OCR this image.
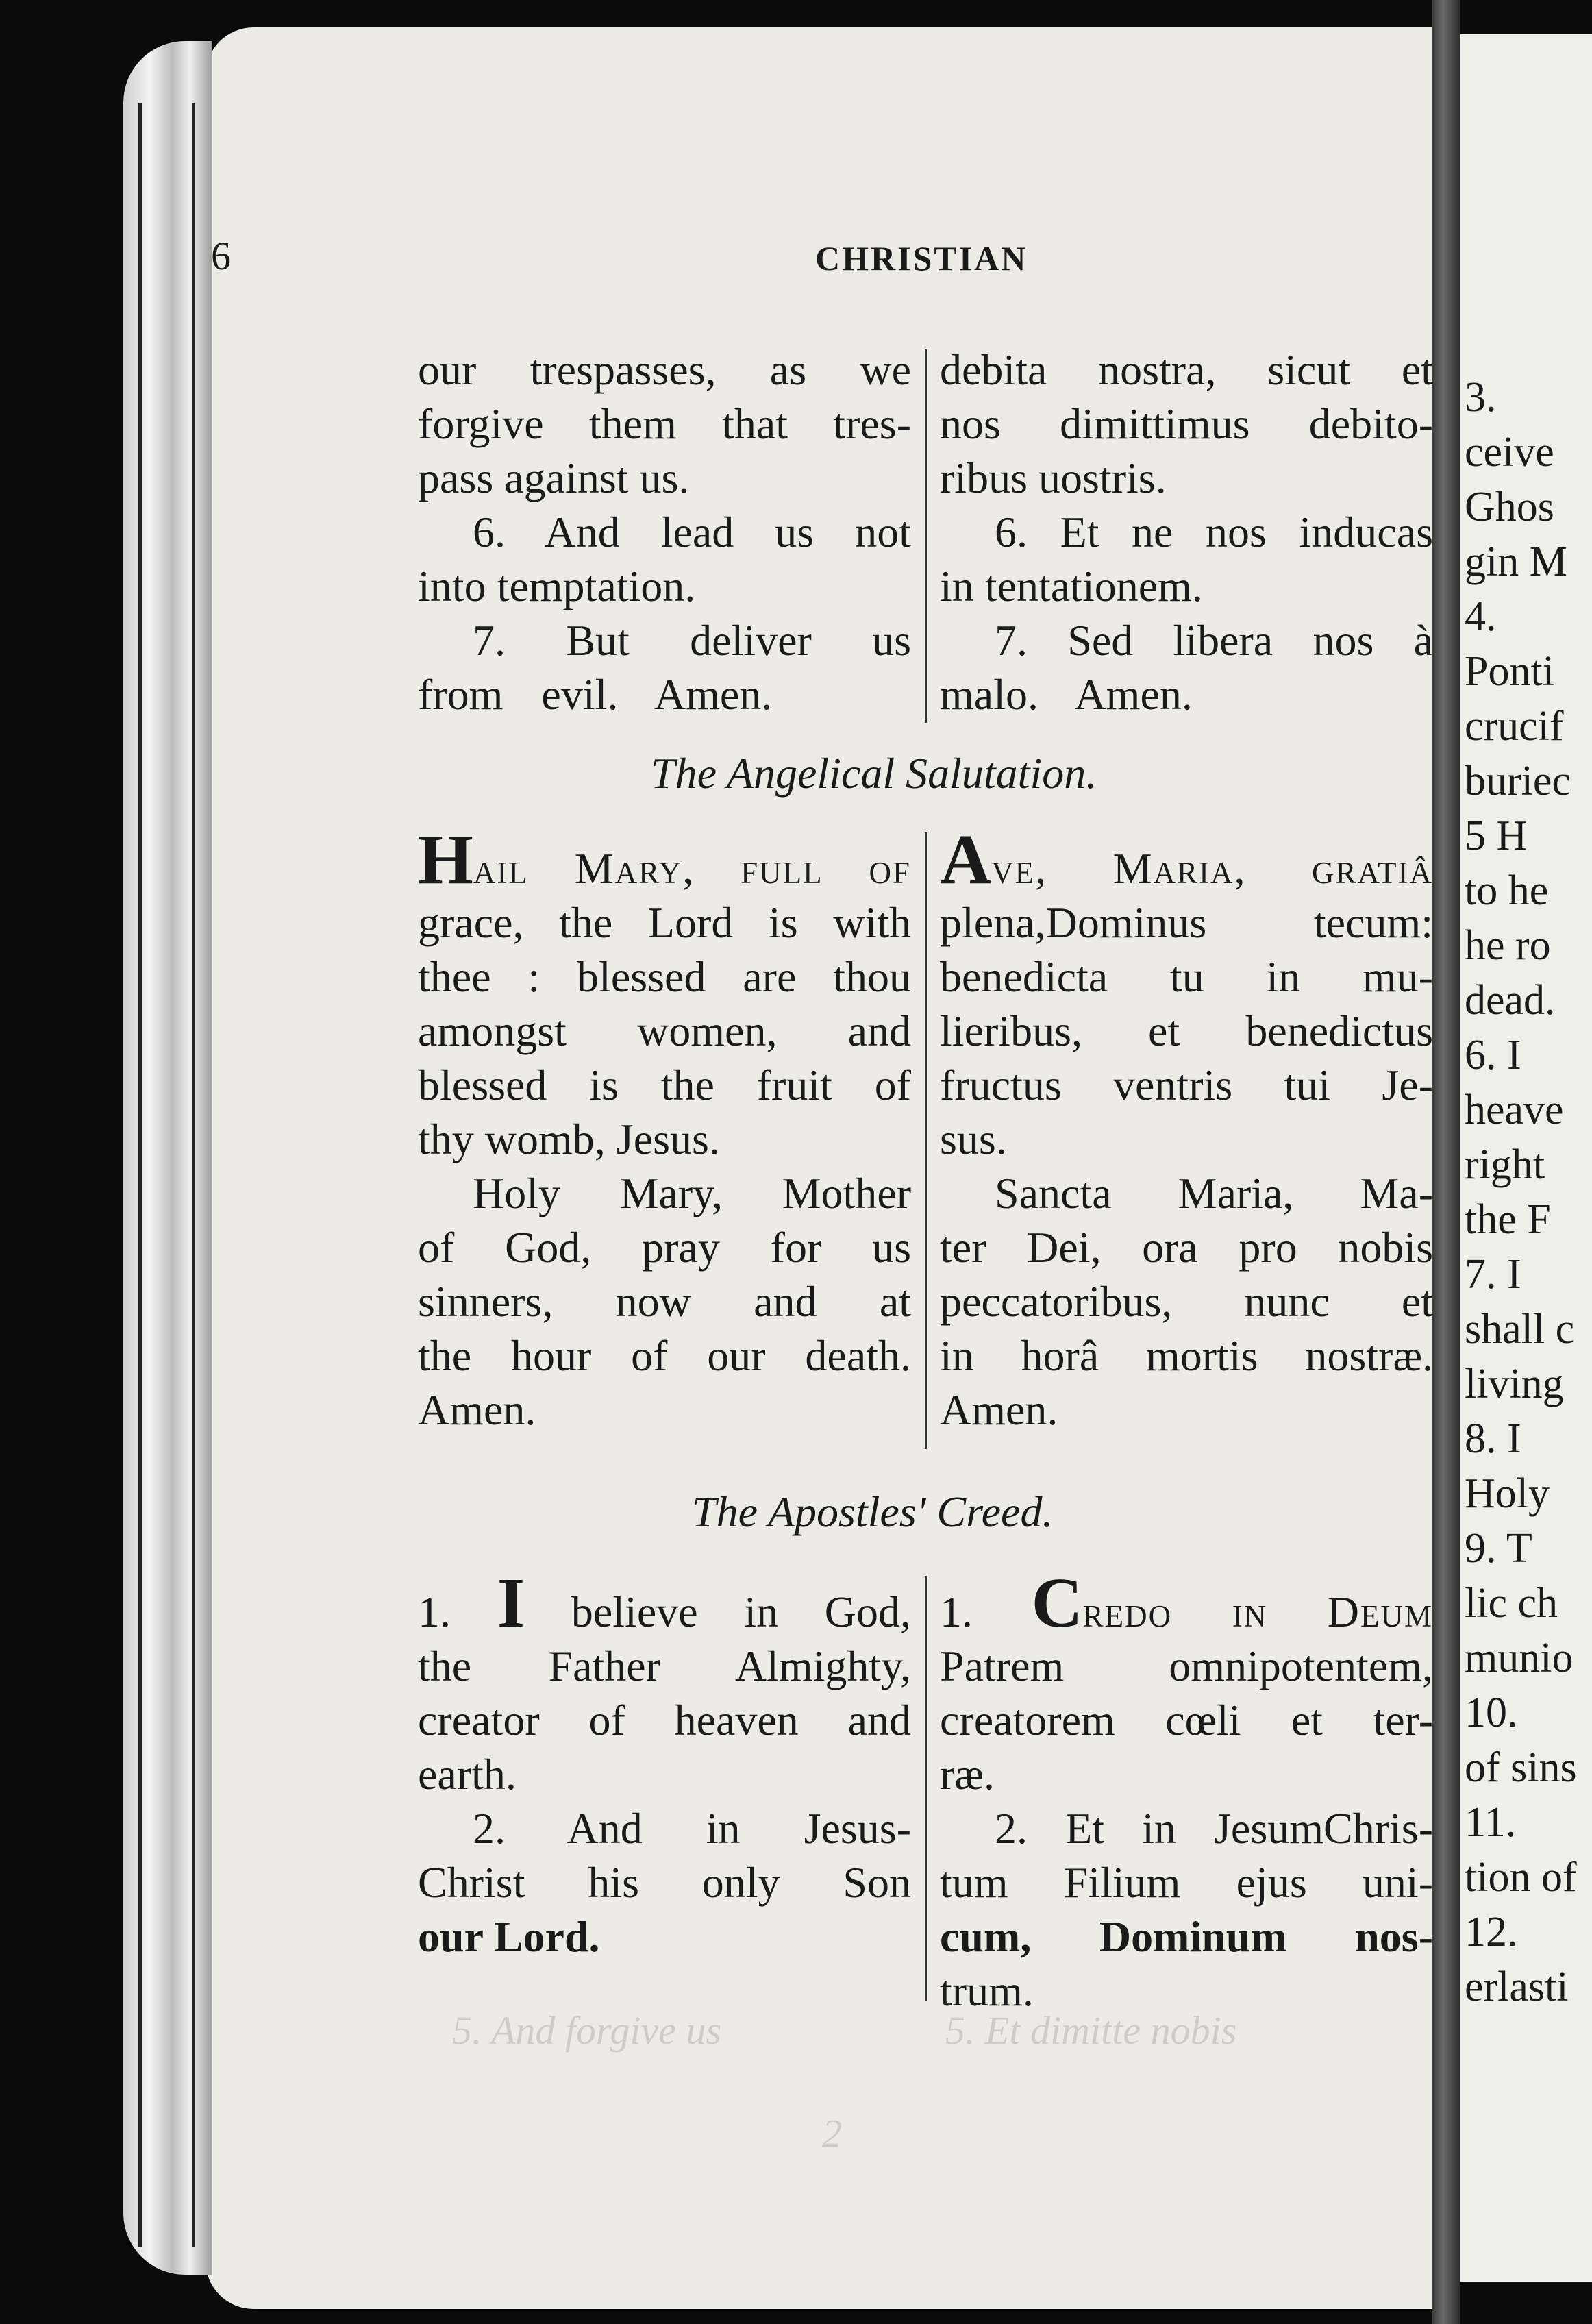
5. And forgive us	5. Et dimitte nobis
2
6	CHRISTIAN
our trespasses, as we
forgive them that tres-
pass against us.
6. And lead us not
into temptation.
7. But deliver us
from evil. Amen.
debita nostra, sicut et
nos dimittimus debito-
ribus uostris.
6. Et ne nos inducas
in tentationem.
7. Sed libera nos à
malo. Amen.
The Angelical Salutation.
Hail Mary, full of
grace, the Lord is with
thee : blessed are thou
amongst women, and
blessed is the fruit of
thy womb, Jesus.
Holy Mary, Mother
of God, pray for us
sinners, now and at
the hour of our death.
Amen.
Ave, Maria, gratiâ
plena,Dominus tecum:
benedicta tu in mu-
lieribus, et benedictus
fructus ventris tui Je-
sus.
Sancta Maria, Ma-
ter Dei, ora pro nobis
peccatoribus, nunc et
in horâ mortis nostræ.
Amen.
The Apostles' Creed.
1. I believe in God,
the Father Almighty,
creator of heaven and
earth.
2. And in Jesus-
Christ his only Son
our Lord.
1. Credo in Deum
Patrem omnipotentem,
creatorem cœli et ter-
ræ.
2. Et in JesumChris-
tum Filium ejus uni-
cum, Dominum nos-
trum.
3.
ceive
Ghos
gin M
4.
Ponti
crucif
buriec
5 H
to he
he ro
dead.
6. I
heave
right
the F
7. I
shall c
living
8. I
Holy
9. T
lic ch
munio
10.
of sins
11.
tion of
12.
erlasti
